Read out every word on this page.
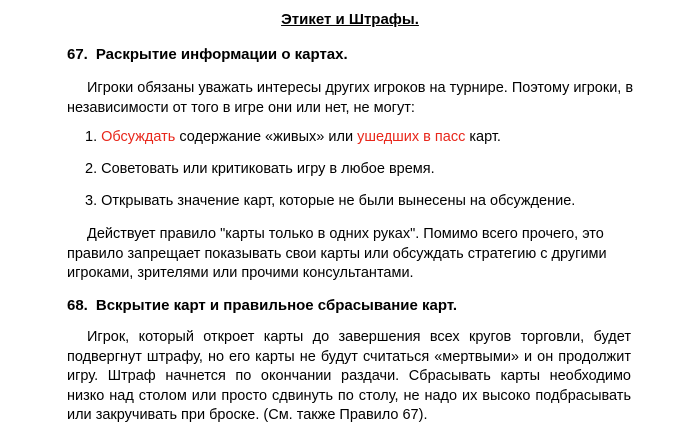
Этикет и Штрафы.
67. Раскрытие информации о картах.
Игроки обязаны уважать интересы других игроков на турнире. Поэтому игроки, в
независимости от того в игре они или нет, не могут:
1. Обсуждать содержание «живых» или ушедших в пасс карт.
2. Советовать или критиковать игру в любое время.
3. Открывать значение карт, которые не были вынесены на обсуждение.
Действует правило "карты только в одних руках". Помимо всего прочего, это
правило запрещает показывать свои карты или обсуждать стратегию с другими
игроками, зрителями или прочими консультантами.
68. Вскрытие карт и правильное сбрасывание карт.
Игрок, который откроет карты до завершения всех кругов торговли, будет
подвергнут штрафу, но его карты не будут считаться «мертвыми» и он продолжит
игру. Штраф начнется по окончании раздачи. Сбрасывать карты необходимо
низко над столом или просто сдвинуть по столу, не надо их высоко подбрасывать
или закручивать при броске. (См. также Правило 67).
